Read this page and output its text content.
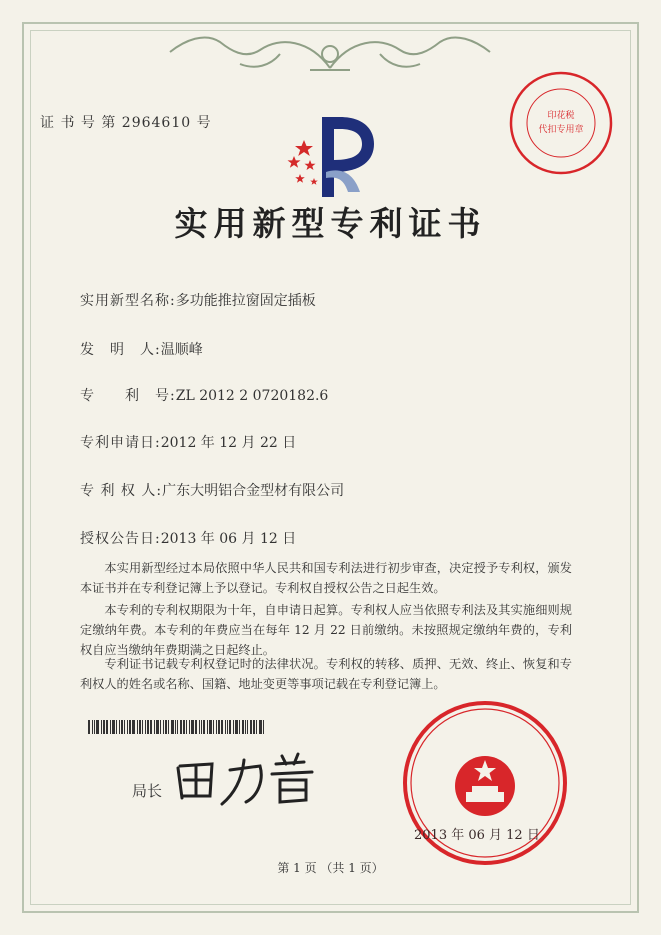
证 书 号 第 2964610 号	印花税
代扣专用章
实用新型专利证书
实用新型名称:多功能推拉窗固定插板
发　明　人:温顺峰
专　　利　号:ZL 2012 2 0720182.6
专利申请日:2012 年 12 月 22 日
专 利 权 人:广东大明铝合金型材有限公司
授权公告日:2013 年 06 月 12 日
本实用新型经过本局依照中华人民共和国专利法进行初步审查，决定授予专利权，颁发本证书并在专利登记簿上予以登记。专利权自授权公告之日起生效。
本专利的专利权期限为十年，自申请日起算。专利权人应当依照专利法及其实施细则规定缴纳年费。本专利的年费应当在每年 12 月 22 日前缴纳。未按照规定缴纳年费的，专利权自应当缴纳年费期满之日起终止。
专利证书记载专利权登记时的法律状况。专利权的转移、质押、无效、终止、恢复和专利权人的姓名或名称、国籍、地址变更等事项记载在专利登记簿上。
局长
2013 年 06 月 12 日
第 1 页 （共 1 页）
